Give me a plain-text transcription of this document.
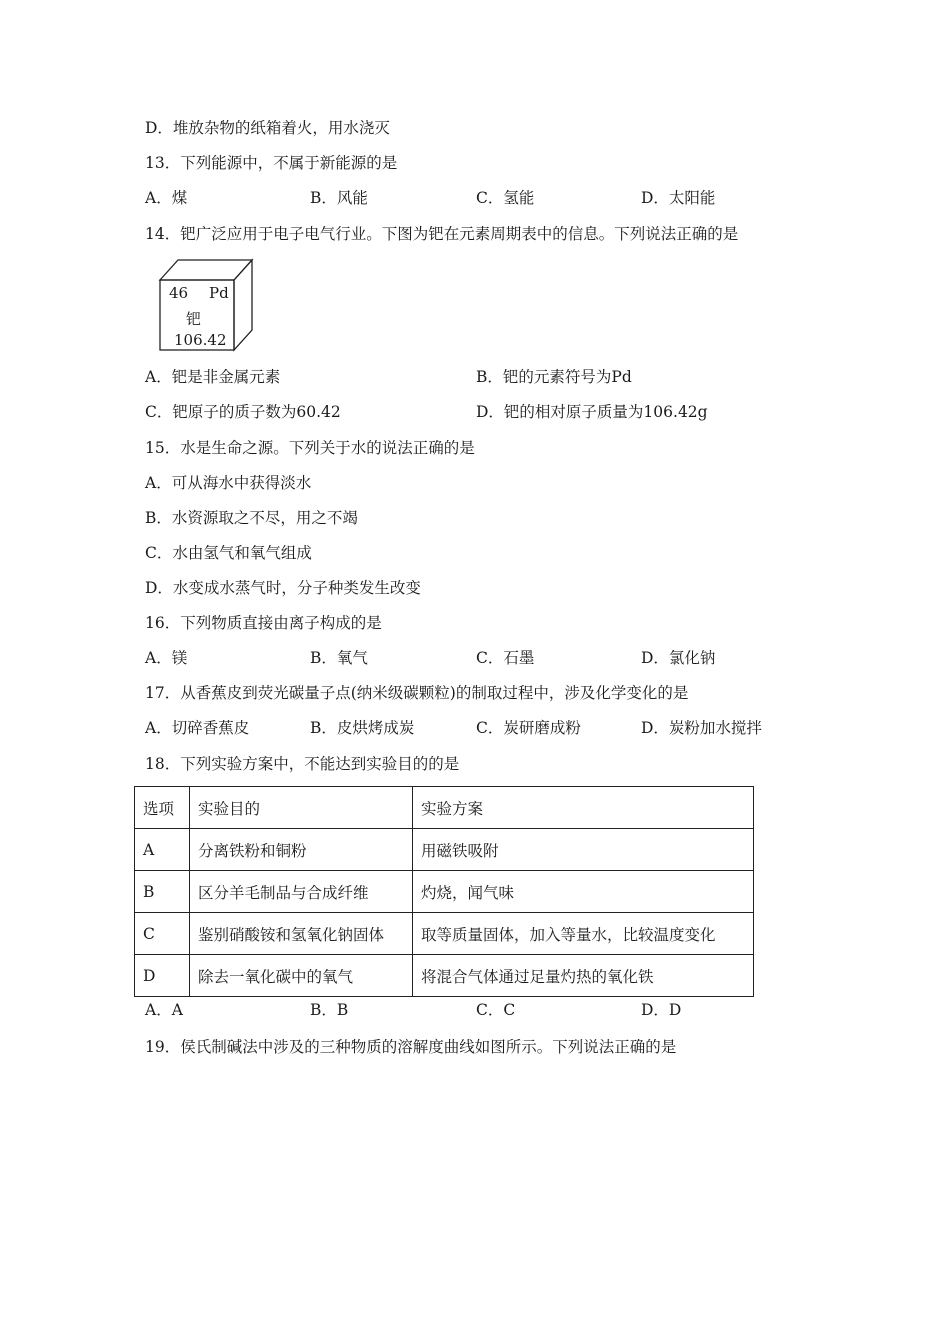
D．堆放杂物的纸箱着火，用水浇灭
13．下列能源中，不属于新能源的是
A．煤	B．风能	C．氢能	D．太阳能
14．钯广泛应用于电子电气行业。下图为钯在元素周期表中的信息。下列说法正确的是
46 Pd
钯
106.42
A．钯是非金属元素	B．钯的元素符号为Pd
C．钯原子的质子数为60.42	D．钯的相对原子质量为106.42g
15．水是生命之源。下列关于水的说法正确的是
A．可从海水中获得淡水
B．水资源取之不尽，用之不竭
C．水由氢气和氧气组成
D．水变成水蒸气时，分子种类发生改变
16．下列物质直接由离子构成的是
A．镁	B．氧气	C．石墨	D．氯化钠
17．从香蕉皮到荧光碳量子点(纳米级碳颗粒)的制取过程中，涉及化学变化的是
A．切碎香蕉皮	B．皮烘烤成炭	C．炭研磨成粉	D．炭粉加水搅拌
18．下列实验方案中，不能达到实验目的的是
选项	实验目的	实验方案
A	分离铁粉和铜粉	用磁铁吸附
B	区分羊毛制品与合成纤维	灼烧，闻气味
C	鉴别硝酸铵和氢氧化钠固体	取等质量固体，加入等量水，比较温度变化
D	除去一氧化碳中的氧气	将混合气体通过足量灼热的氧化铁
A．A	B．B	C．C	D．D
19．侯氏制碱法中涉及的三种物质的溶解度曲线如图所示。下列说法正确的是
